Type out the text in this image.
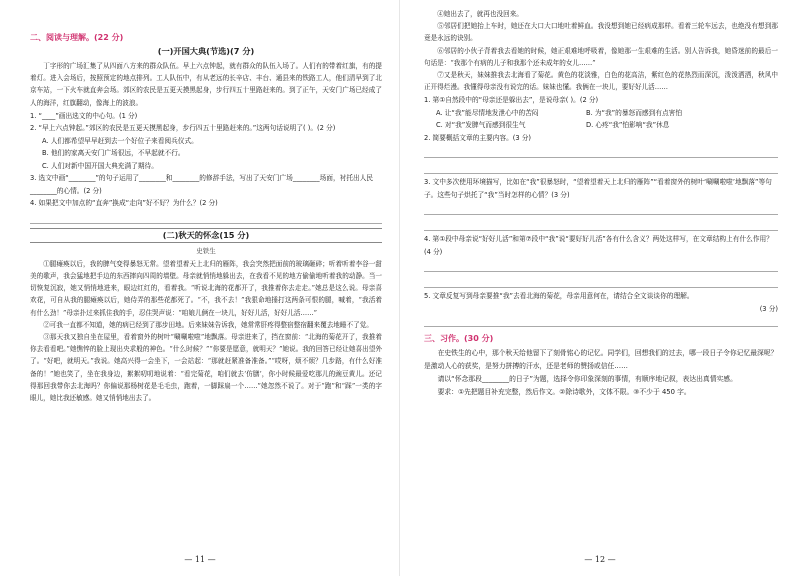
二、阅读与理解。(22 分)
(一)开国大典(节选)(7 分)

丁字形的广场汇集了从四面八方来的群众队伍。早上六点钟起，就有群众的队伍入场了。人们有的带着红旗，有的提着灯。进入会场后，按照预定的地点排列。工人队伍中，有从老远的长辛店、丰台、通县来的铁路工人，他们清早到了北京车站，一下火车就直奔会场。郊区的农民是五更天摸黑起身，步行四五十里路赶来的。到了正午，天安门广场已经成了人的海洋，红旗翻动，像海上的波浪。

1. “____”画出选文的中心句。(1 分)

2. “早上六点钟起。”郊区的农民是五更天摸黑起身，步行四五十里路赶来的。”这两句话说明了( )。(2 分)

A. 人们都希望早早赶到去一个好位子来看阅兵仪式。

B. 他们的家离天安门广场很远，不早起就不行。

C. 人们对新中国开国大典充满了期待。

3. 选文中画“________”的句子运用了________和________的修辞手法，写出了天安门广场________场面，衬托出人民________的心情。(2 分)

4. 如果把文中加点的“直奔”换成“走向”好不好？为什么？(2 分)

(二)秋天的怀念(15 分)
史铁生

①腿瘫痪以后，我的脾气变得暴怒无常。望着望着天上北归的雁阵，我会突然把面前的玻璃砸碎；听着听着李谷一甜美的歌声，我会猛地把手边的东西摔向四周的墙壁。母亲就悄悄地躲出去，在我看不见的地方偷偷地听着我的动静。当一切恢复沉寂，她又悄悄地进来，眼边红红的，看着我。“听说北海的花都开了，我推着你去走走。”她总是这么说。母亲喜欢花，可自从我的腿瘫痪以后，她侍弄的那些花都死了。“不，我不去！”我狠命地捶打这两条可恨的腿，喊着，“我活着有什么劲！”母亲扑过来抓住我的手，忍住哭声说：“咱娘儿俩在一块儿，好好儿活，好好儿活……”

②可我一直都不知道，她的病已经到了那步田地。后来妹妹告诉我，她常常肝疼得整宿整宿翻来覆去地睡不了觉。

③那天我又独自坐在屋里，看着窗外的树叶“唰唰啦啦”地飘落。母亲进来了，挡在窗前：“北海的菊花开了，我推着你去看看吧。”她憔悴的脸上现出央求般的神色。“什么时候？”“你要是愿意，就明天？”她说。我的回答已经让她喜出望外了。“好吧，就明天。”我说。她高兴得一会坐下，一会站起：“那就赶紧准备准备。”“哎呀，烦不烦？几步路，有什么好准备的！”她也笑了，坐在我身边，絮絮叨叨地说着：“看完菊花，咱们就去‘仿膳’，你小时候最爱吃那儿的豌豆黄儿。还记得那回我带你去北海吗？你偏说那杨树花是毛毛虫，跑着，一脚踩扁一个……”她忽然不说了。对于“跑”和“踩”一类的字眼儿，她比我还敏感。她又悄悄地出去了。

— 11 —

④她出去了，就再也没回来。

⑤邻居们把她抬上车时，她还在大口大口地吐着鲜血。我没想到她已经病成那样。看着三轮车远去，也绝没有想到那竟是永远的诀别。

⑥邻居的小伙子背着我去看她的时候，她正艰难地呼吸着，像她那一生艰难的生活。别人告诉我，她昏迷前的最后一句话是：“我那个有病的儿子和我那个还未成年的女儿……”

⑦又是秋天，妹妹推我去北海看了菊花。黄色的花淡雅，白色的花高洁，紫红色的花热烈而深沉，泼泼洒洒，秋风中正开得烂漫。我懂得母亲没有说完的话。妹妹也懂。我俩在一块儿，要好好儿活……

1. 第①自然段中的“母亲还是躲出去”，是说母亲( )。(2 分)

A. 让“我”能尽情地发泄心中的苦闷	B. 为“我”的暴怒而感到有点害怕
C. 对“我”发脾气而感到很生气	D. 心疼“我”怕影响“我”休息

2. 简要概括文章的主要内容。(3 分)

3. 文中多次使用环境描写，比如在“我”很暴怒时，“望着望着天上北归的雁阵”“看着窗外的树叶‘唰唰啦啦’地飘落”等句子。这些句子烘托了“我”当时怎样的心情？(3 分)

4. 第①段中母亲说“好好儿活”和第⑦段中“我”说“要好好儿活”各有什么含义？两处这样写，在文章结构上有什么作用？(4 分)

5. 文章反复写到母亲要推“我”去看北海的菊花，母亲用意何在，请结合全文谈谈你的理解。

(3 分)
三、习作。(30 分)

在史铁生的心中，那个秋天给他留下了刻骨铭心的记忆。同学们，回想我们的过去，哪一段日子令你记忆最深呢？是激动人心的获奖，是努力拼搏的汗水，还是老师的赞扬或信任……

请以“怀念那段________的日子”为题，选择令你印象深刻的事情，有顺序地记叙，表达出真情实感。

要求：①先把题目补充完整，然后作文。②除诗歌外，文体不限。③不少于 450 字。

— 12 —
